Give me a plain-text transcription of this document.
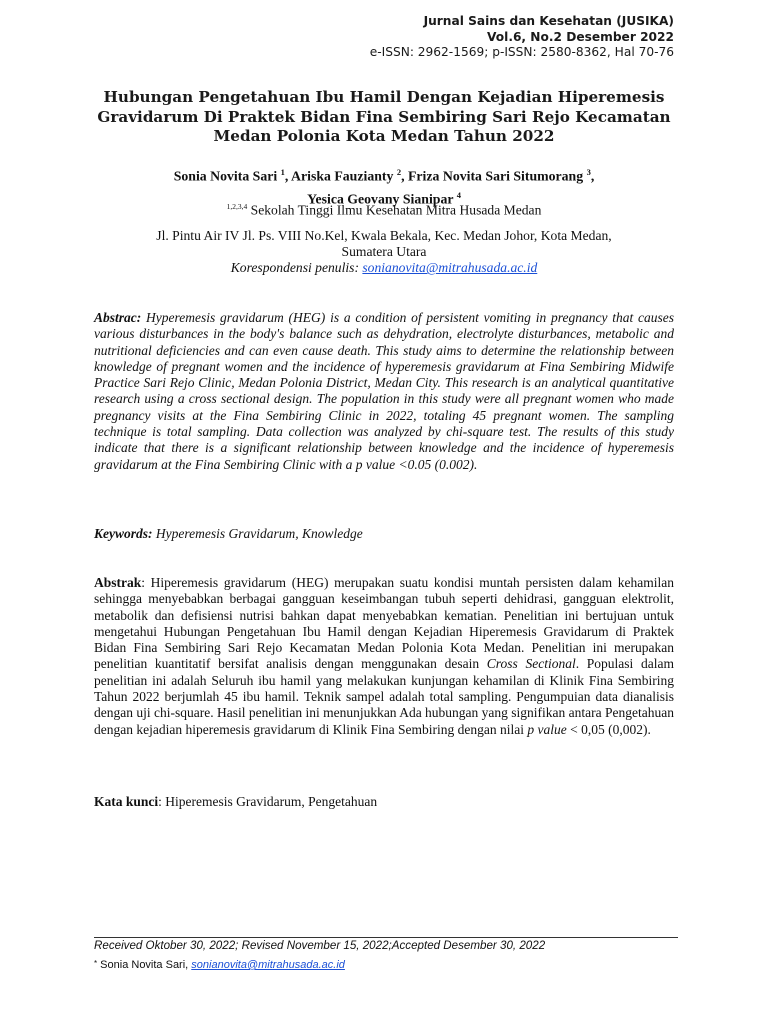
Jurnal Sains dan Kesehatan (JUSIKA)
Vol.6, No.2 Desember 2022
e-ISSN: 2962-1569; p-ISSN: 2580-8362, Hal 70-76
Hubungan Pengetahuan Ibu Hamil Dengan Kejadian Hiperemesis
Gravidarum Di Praktek Bidan Fina Sembiring Sari Rejo Kecamatan
Medan Polonia Kota Medan Tahun 2022
Sonia Novita Sari $^1$, Ariska Fauzianty $^2$, Friza Novita Sari Situmorang $^3$,
Yesica Geovany Sianipar $^4$
$^{1,2,3,4}$ Sekolah Tinggi Ilmu Kesehatan Mitra Husada Medan
Jl. Pintu Air IV Jl. Ps. VIII No.Kel, Kwala Bekala, Kec. Medan Johor, Kota Medan,
Sumatera Utara
Korespondensi penulis: sonianovita@mitrahusada.ac.id
Abstrac: Hyperemesis gravidarum (HEG) is a condition of persistent vomiting in pregnancy that causes various disturbances in the body's balance such as dehydration, electrolyte disturbances, metabolic and nutritional deficiencies and can even cause death. This study aims to determine the relationship between knowledge of pregnant women and the incidence of hyperemesis gravidarum at Fina Sembiring Midwife Practice Sari Rejo Clinic, Medan Polonia District, Medan City. This research is an analytical quantitative research using a cross sectional design. The population in this study were all pregnant women who made pregnancy visits at the Fina Sembiring Clinic in 2022, totaling 45 pregnant women. The sampling technique is total sampling. Data collection was analyzed by chi-square test. The results of this study indicate that there is a significant relationship between knowledge and the incidence of hyperemesis gravidarum at the Fina Sembiring Clinic with a p value <0.05 (0.002).
Keywords: Hyperemesis Gravidarum, Knowledge
Abstrak: Hiperemesis gravidarum (HEG) merupakan suatu kondisi muntah persisten dalam kehamilan sehingga menyebabkan berbagai gangguan keseimbangan tubuh seperti dehidrasi, gangguan elektrolit, metabolik dan defisiensi nutrisi bahkan dapat menyebabkan kematian. Penelitian ini bertujuan untuk mengetahui Hubungan Pengetahuan Ibu Hamil dengan Kejadian Hiperemesis Gravidarum di Praktek Bidan Fina Sembiring Sari Rejo Kecamatan Medan Polonia Kota Medan. Penelitian ini merupakan penelitian kuantitatif bersifat analisis dengan menggunakan desain Cross Sectional. Populasi dalam penelitian ini adalah Seluruh ibu hamil yang melakukan kunjungan kehamilan di Klinik Fina Sembiring Tahun 2022 berjumlah 45 ibu hamil. Teknik sampel adalah total sampling. Pengumpuian data dianalisis dengan uji chi-square. Hasil penelitian ini menunjukkan Ada hubungan yang signifikan antara Pengetahuan dengan kejadian hiperemesis gravidarum di Klinik Fina Sembiring dengan nilai p value < 0,05 (0,002).
Kata kunci: Hiperemesis Gravidarum, Pengetahuan
Received Oktober 30, 2022; Revised November 15, 2022;Accepted Desember 30, 2022
* Sonia Novita Sari, sonianovita@mitrahusada.ac.id
